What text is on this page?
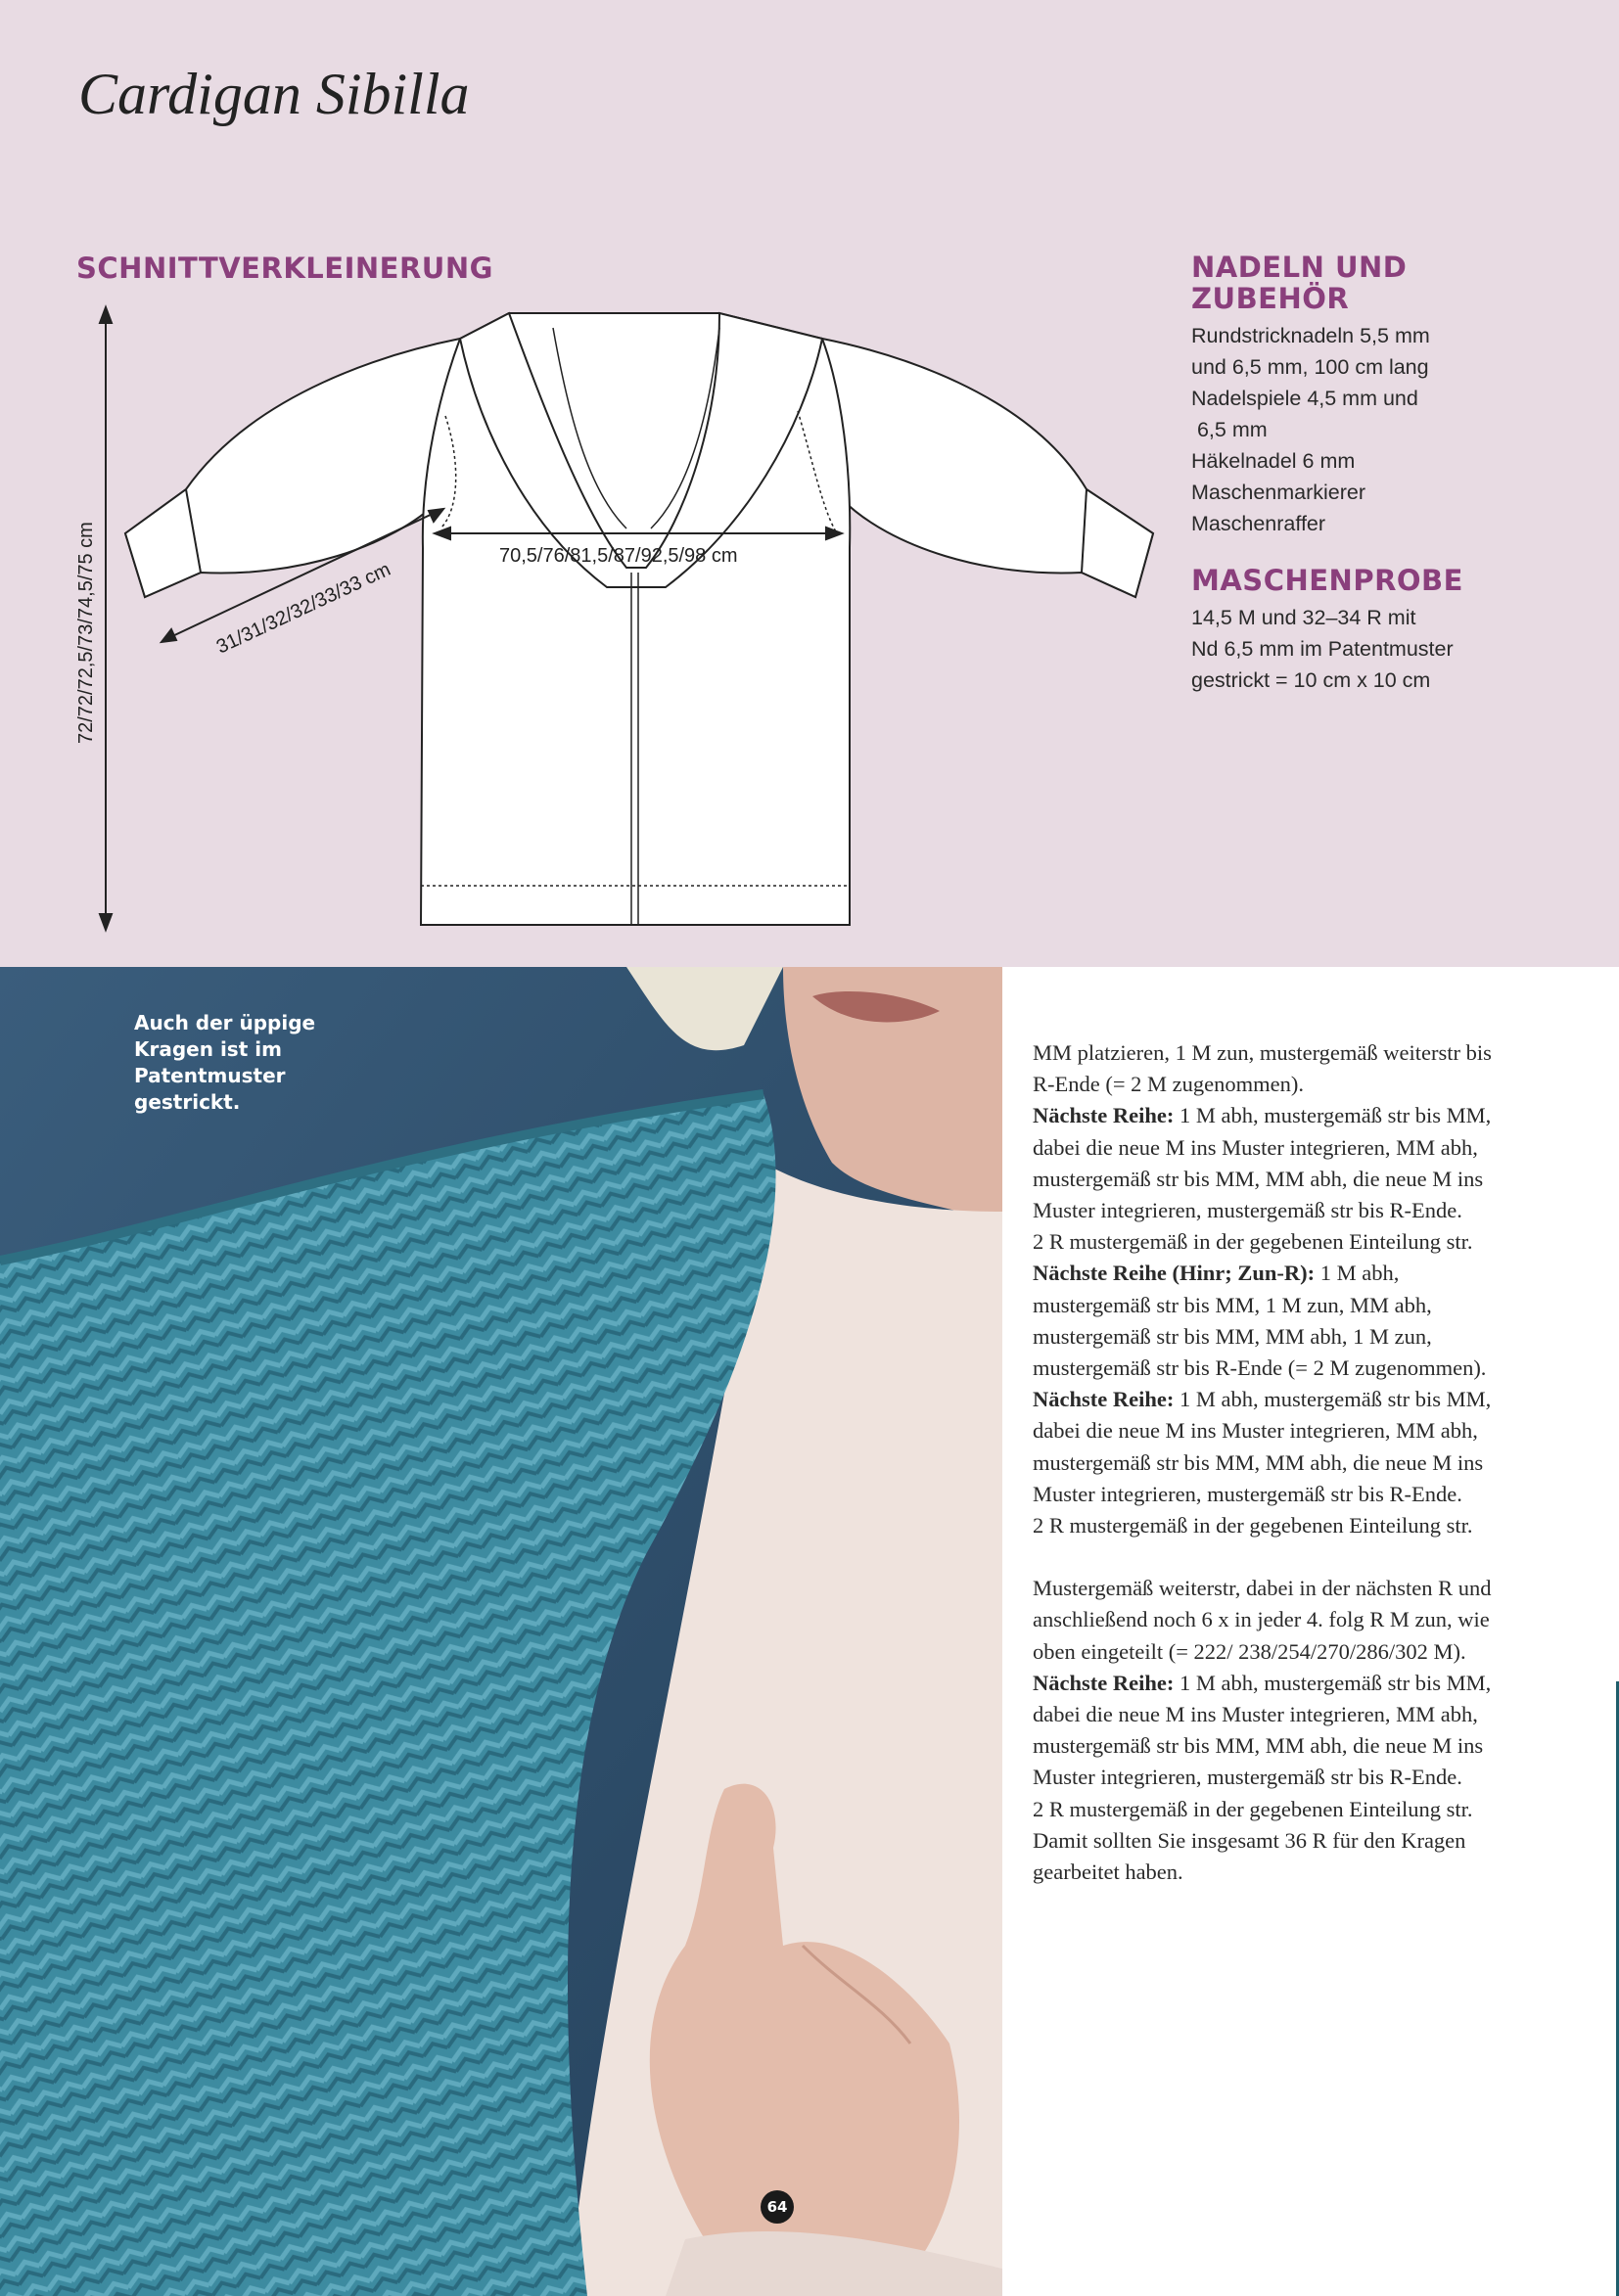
Cardigan Sibilla
SCHNITTVERKLEINERUNG
72/72/72,5/73/74,5/75 cm	70,5/76/81,5/87/92,5/98 cm
31/31/32/32/33/33 cm
NADELN UND ZUBEHÖR
Rundstricknadeln 5,5 mm
und 6,5 mm, 100 cm lang
Nadelspiele 4,5 mm und
6,5 mm
Häkelnadel 6 mm
Maschenmarkierer
Maschenraffer
MASCHENPROBE
14,5 M und 32–34 R mit
Nd 6,5 mm im Patentmuster
gestrickt = 10 cm x 10 cm

Auch der üppige
Kragen ist im
Patentmuster
gestrickt.

MM platzieren, 1 M zun, mustergemäß weiterstr bis R-Ende (= 2 M zugenommen).

Nächste Reihe: 1 M abh, mustergemäß str bis MM, dabei die neue M ins Muster integrieren, MM abh, mustergemäß str bis MM, MM abh, die neue M ins Muster integrieren, mustergemäß str bis R-Ende.

2 R mustergemäß in der gegebenen Einteilung str.

Nächste Reihe (Hinr; Zun-R): 1 M abh, mustergemäß str bis MM, 1 M zun, MM abh, mustergemäß str bis MM, MM abh, 1 M zun, mustergemäß str bis R-Ende (= 2 M zugenommen).

Nächste Reihe: 1 M abh, mustergemäß str bis MM, dabei die neue M ins Muster integrieren, MM abh, mustergemäß str bis MM, MM abh, die neue M ins Muster integrieren, mustergemäß str bis R-Ende.

2 R mustergemäß in der gegebenen Einteilung str.

Mustergemäß weiterstr, dabei in der nächsten R und anschließend noch 6 x in jeder 4. folg R M zun, wie oben eingeteilt (= 222/ 238/254/270/286/302 M).

Nächste Reihe: 1 M abh, mustergemäß str bis MM, dabei die neue M ins Muster integrieren, MM abh, mustergemäß str bis MM, MM abh, die neue M ins Muster integrieren, mustergemäß str bis R-Ende.

2 R mustergemäß in der gegebenen Einteilung str.

Damit sollten Sie insgesamt 36 R für den Kragen gearbeitet haben.

64
